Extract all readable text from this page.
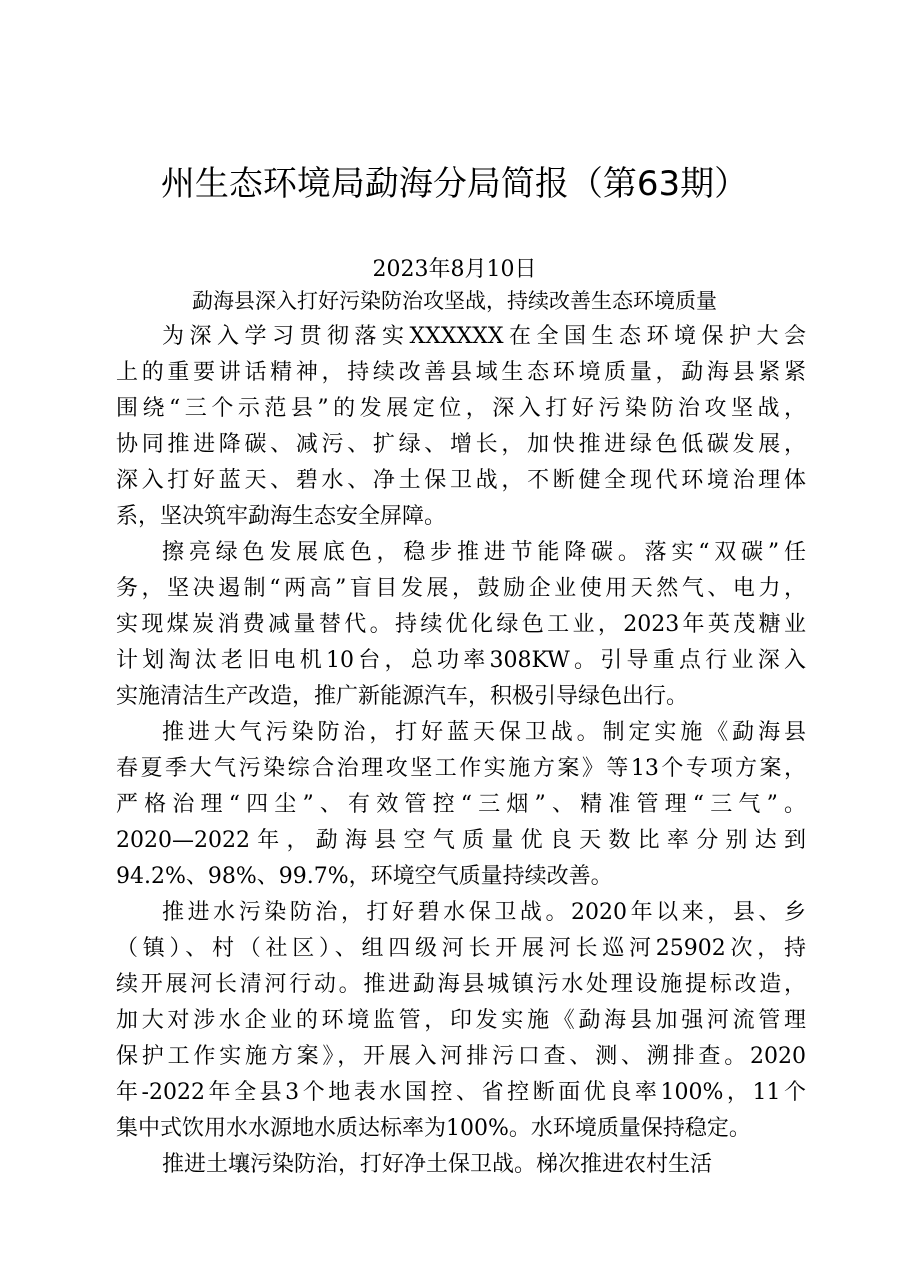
州生态环境局勐海分局简报（第63期）
2023年8月10日
勐海县深入打好污染防治攻坚战，持续改善生态环境质量
为深入学习贯彻落实XXXXXX在全国生态环境保护大会
上的重要讲话精神，持续改善县域生态环境质量，勐海县紧紧
围绕“三个示范县”的发展定位，深入打好污染防治攻坚战，
协同推进降碳、减污、扩绿、增长，加快推进绿色低碳发展，
深入打好蓝天、碧水、净土保卫战，不断健全现代环境治理体
系，坚决筑牢勐海生态安全屏障。
擦亮绿色发展底色，稳步推进节能降碳。落实“双碳”任
务，坚决遏制“两高”盲目发展，鼓励企业使用天然气、电力，
实现煤炭消费减量替代。持续优化绿色工业，2023年英茂糖业
计划淘汰老旧电机10台，总功率308KW。引导重点行业深入
实施清洁生产改造，推广新能源汽车，积极引导绿色出行。
推进大气污染防治，打好蓝天保卫战。制定实施《勐海县
春夏季大气污染综合治理攻坚工作实施方案》等13个专项方案，
严格治理“四尘”、有效管控“三烟”、精准管理“三气”。
2020—2022年，勐海县空气质量优良天数比率分别达到
94.2%、98%、99.7%，环境空气质量持续改善。
推进水污染防治，打好碧水保卫战。2020年以来，县、乡
（镇）、村（社区）、组四级河长开展河长巡河25902次，持
续开展河长清河行动。推进勐海县城镇污水处理设施提标改造，
加大对涉水企业的环境监管，印发实施《勐海县加强河流管理
保护工作实施方案》，开展入河排污口查、测、溯排查。2020
年-2022年全县3个地表水国控、省控断面优良率100%，11个
集中式饮用水水源地水质达标率为100%。水环境质量保持稳定。
推进土壤污染防治，打好净土保卫战。梯次推进农村生活
